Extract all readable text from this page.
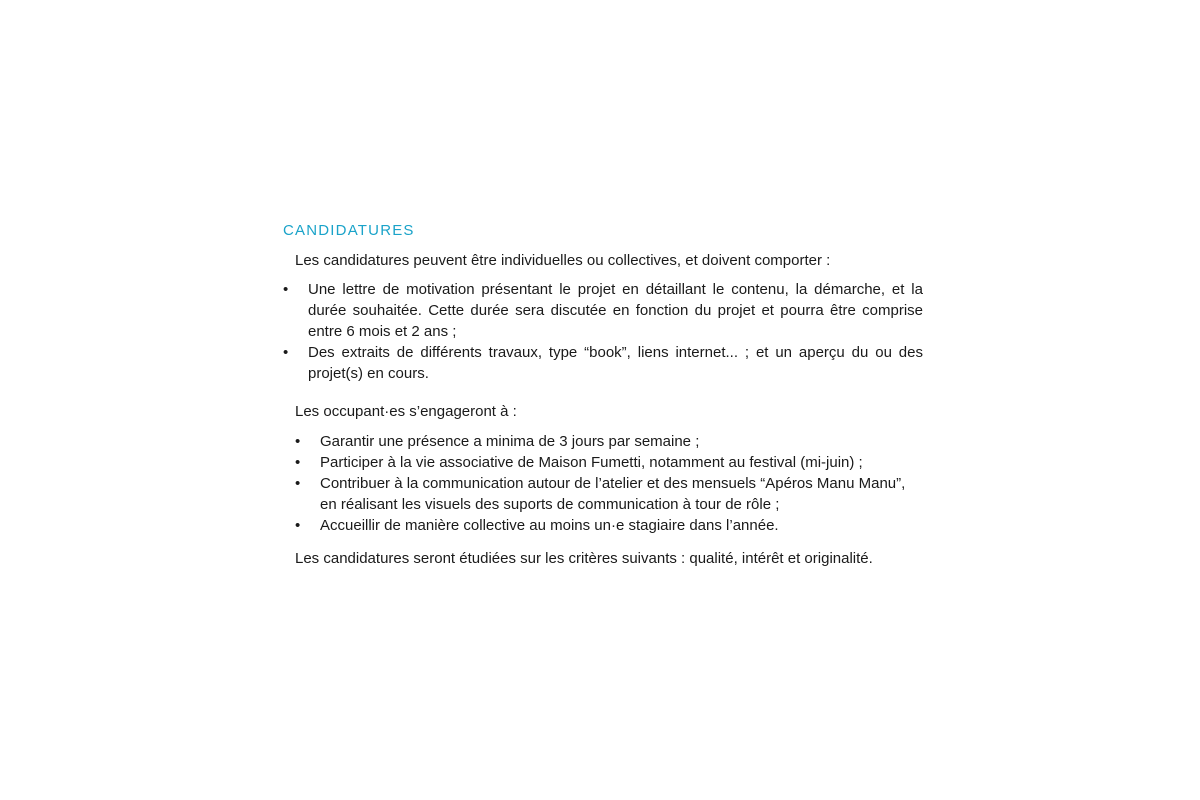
CANDIDATURES

Les candidatures peuvent être individuelles ou collectives, et doivent comporter :

• Une lettre de motivation présentant le projet en détaillant le contenu, la démarche, et la durée souhaitée. Cette durée sera discutée en fonction du projet et pourra être comprise entre 6 mois et 2 ans ;
• Des extraits de différents travaux, type “book”, liens internet... ; et un aperçu du ou des projet(s) en cours.

Les occupant·es s’engageront à :

• Garantir une présence a minima de 3 jours par semaine ;
• Participer à la vie associative de Maison Fumetti, notamment au festival (mi-juin) ;
• Contribuer à la communication autour de l’atelier et des mensuels “Apéros Manu Manu”, en réalisant les visuels des suports de communication à tour de rôle ;
• Accueillir de manière collective au moins un·e stagiaire dans l’année.

Les candidatures seront étudiées sur les critères suivants : qualité, intérêt et originalité.
